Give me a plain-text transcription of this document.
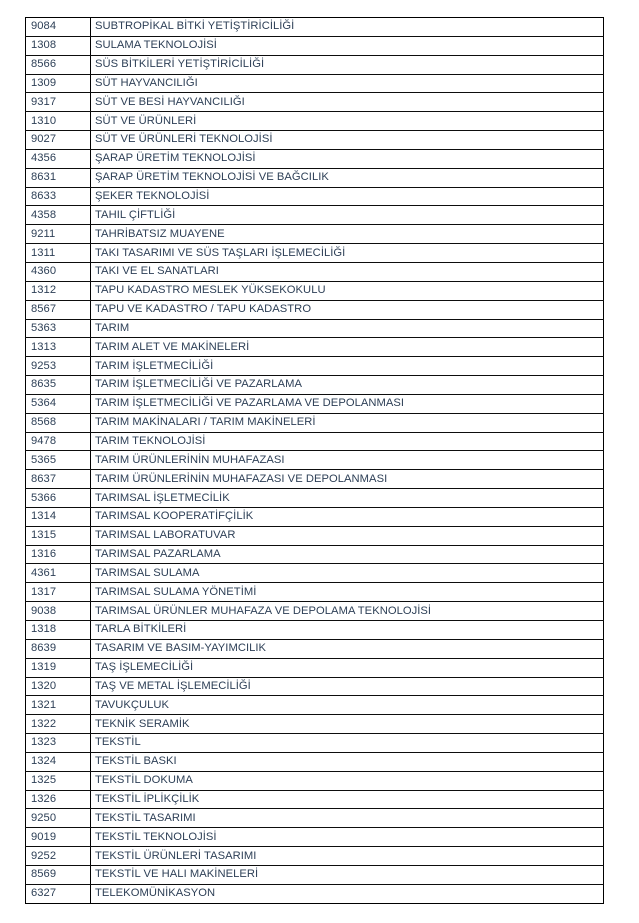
9084	SUBTROPİKAL BİTKİ YETİŞTİRİCİLİĞİ
1308	SULAMA TEKNOLOJİSİ
8566	SÜS BİTKİLERİ YETİŞTİRİCİLİĞİ
1309	SÜT HAYVANCILIĞI
9317	SÜT VE BESİ HAYVANCILIĞI
1310	SÜT VE ÜRÜNLERİ
9027	SÜT VE ÜRÜNLERİ TEKNOLOJİSİ
4356	ŞARAP ÜRETİM TEKNOLOJİSİ
8631	ŞARAP ÜRETİM TEKNOLOJİSİ VE BAĞCILIK
8633	ŞEKER TEKNOLOJİSİ
4358	TAHIL ÇİFTLİĞİ
9211	TAHRİBATSIZ MUAYENE
1311	TAKI TASARIMI VE SÜS TAŞLARI İŞLEMECİLİĞİ
4360	TAKI VE EL SANATLARI
1312	TAPU KADASTRO MESLEK YÜKSEKOKULU
8567	TAPU VE KADASTRO / TAPU KADASTRO
5363	TARIM
1313	TARIM ALET VE MAKİNELERİ
9253	TARIM İŞLETMECİLİĞİ
8635	TARIM İŞLETMECİLİĞİ VE PAZARLAMA
5364	TARIM İŞLETMECİLİĞİ VE PAZARLAMA VE DEPOLANMASI
8568	TARIM MAKİNALARI / TARIM MAKİNELERİ
9478	TARIM TEKNOLOJİSİ
5365	TARIM ÜRÜNLERİNİN MUHAFAZASI
8637	TARIM ÜRÜNLERİNİN MUHAFAZASI VE DEPOLANMASI
5366	TARIMSAL İŞLETMECİLİK
1314	TARIMSAL KOOPERATİFÇİLİK
1315	TARIMSAL LABORATUVAR
1316	TARIMSAL PAZARLAMA
4361	TARIMSAL SULAMA
1317	TARIMSAL SULAMA YÖNETİMİ
9038	TARIMSAL ÜRÜNLER MUHAFAZA VE DEPOLAMA TEKNOLOJİSİ
1318	TARLA BİTKİLERİ
8639	TASARIM VE BASIM-YAYIMCILIK
1319	TAŞ İŞLEMECİLİĞİ
1320	TAŞ VE METAL İŞLEMECİLİĞİ
1321	TAVUKÇULUK
1322	TEKNİK SERAMİK
1323	TEKSTİL
1324	TEKSTİL BASKI
1325	TEKSTİL DOKUMA
1326	TEKSTİL İPLİKÇİLİK
9250	TEKSTİL TASARIMI
9019	TEKSTİL TEKNOLOJİSİ
9252	TEKSTİL ÜRÜNLERİ TASARIMI
8569	TEKSTİL VE HALI MAKİNELERİ
6327	TELEKOMÜNİKASYON
